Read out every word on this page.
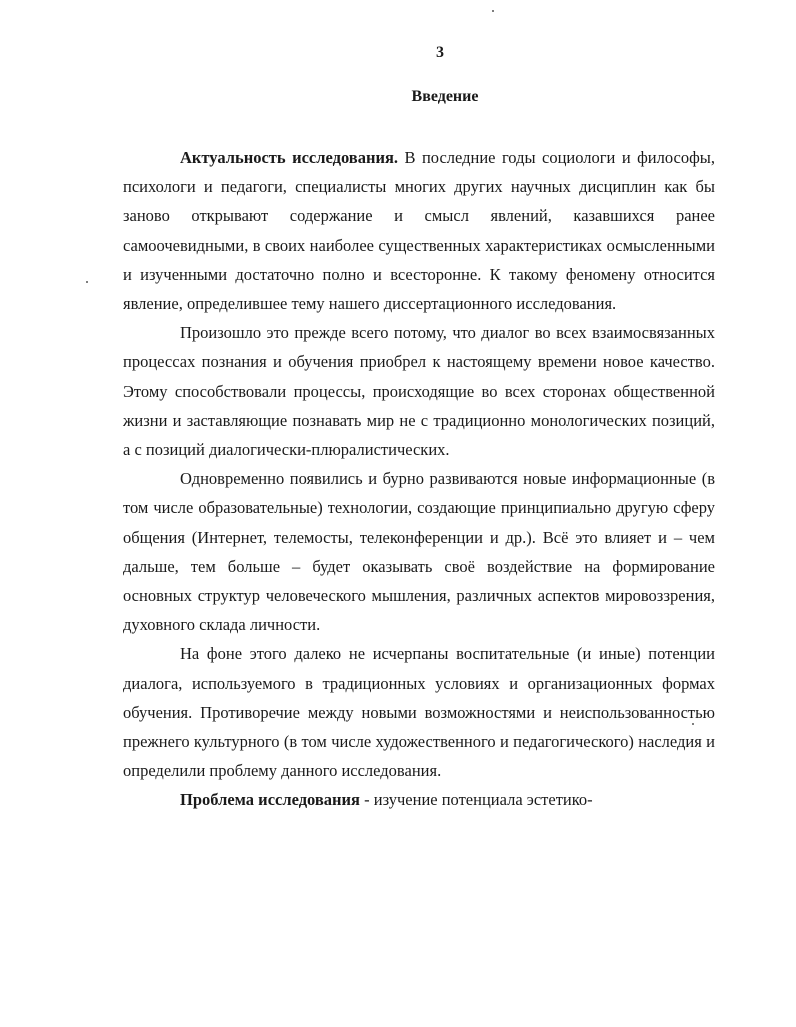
3
Введение

Актуальность исследования. В последние годы социологи и философы, психологи и педагоги, специалисты многих других научных дисциплин как бы заново открывают содержание и смысл явлений, казавшихся ранее самоочевидными, в своих наиболее существенных характеристиках осмысленными и изученными достаточно полно и всесторонне. К такому феномену относится явление, определившее тему нашего диссертационного исследования.

Произошло это прежде всего потому, что диалог во всех взаимосвязанных процессах познания и обучения приобрел к настоящему времени новое качество. Этому способствовали процессы, происходящие во всех сторонах общественной жизни и заставляющие познавать мир не с традиционно монологических позиций, а с позиций диалогически-плюралистических.

Одновременно появились и бурно развиваются новые информационные (в том числе образовательные) технологии, создающие принципиально другую сферу общения (Интернет, телемосты, телеконференции и др.). Всё это влияет и – чем дальше, тем больше – будет оказывать своё воздействие на формирование основных структур человеческого мышления, различных аспектов мировоззрения, духовного склада личности.

На фоне этого далеко не исчерпаны воспитательные (и иные) потенции диалога, используемого в традиционных условиях и организационных формах обучения. Противоречие между новыми возможностями и неиспользованностью прежнего культурного (в том числе художественного и педагогического) наследия и определили проблему данного исследования.

Проблема исследования - изучение потенциала эстетико-
